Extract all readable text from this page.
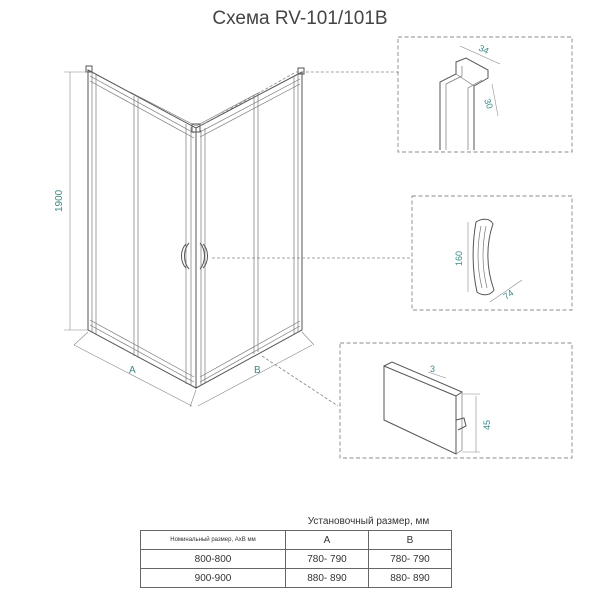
Схема RV-101/101В
1900
A	B
34
30
160
74
3
45
	Установочный размер, мм	
Номинальный размер, АхВ мм	A	B
800-800	780- 790	780- 790
900-900	880- 890	880- 890
